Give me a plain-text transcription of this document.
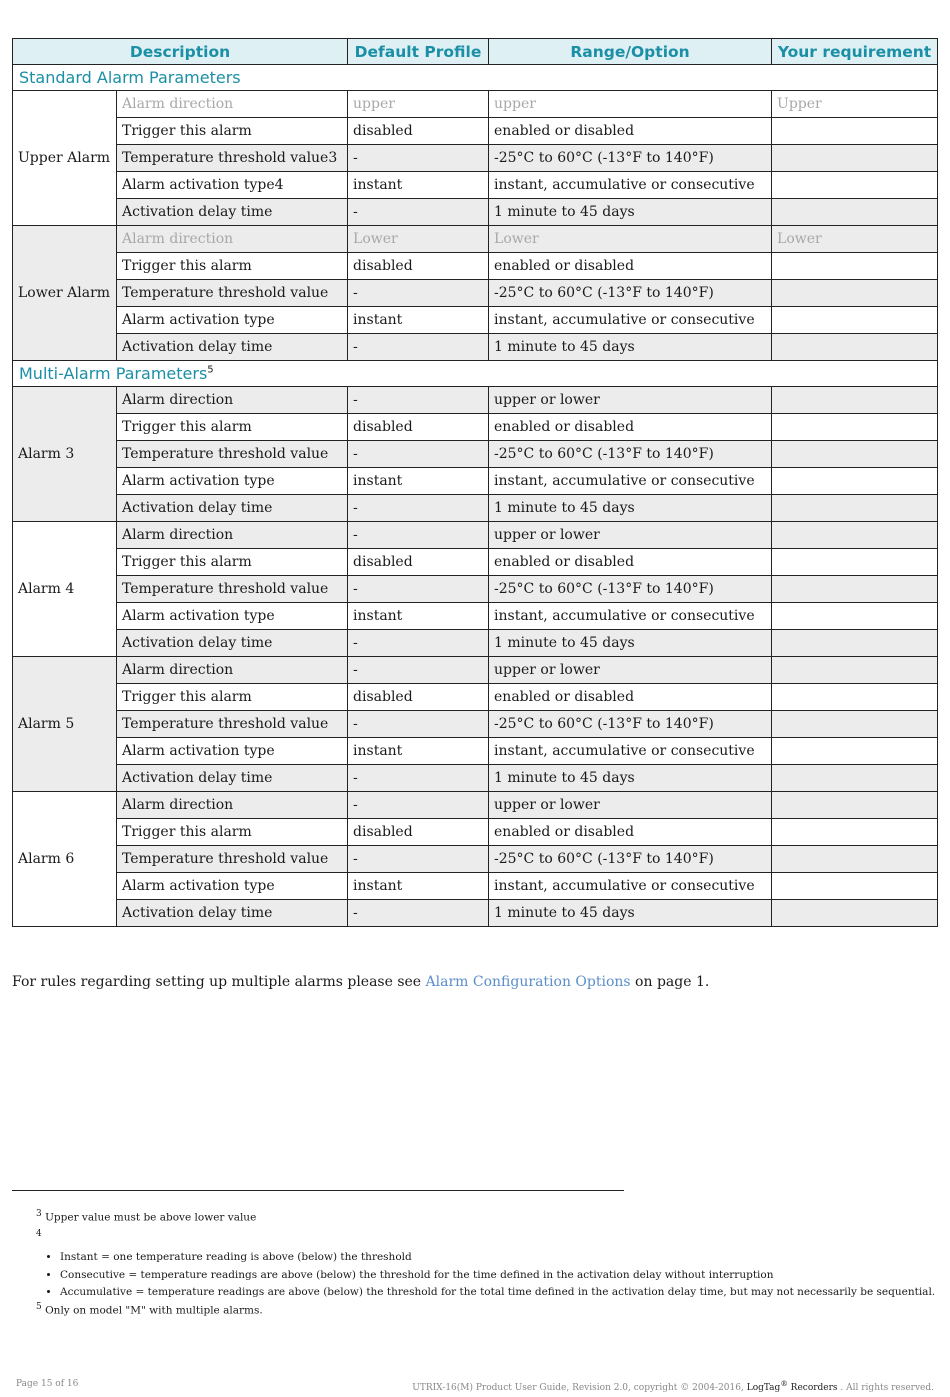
Description		Default Profile	Range/Option	Your requirement
Standard Alarm Parameters				
Upper Alarm	Alarm direction	upper	upper	Upper
	Trigger this alarm	disabled	enabled or disabled	
	Temperature threshold value3	-	-25°C to 60°C (-13°F to 140°F)	
	Alarm activation type4	instant	instant, accumulative or consecutive	
	Activation delay time	-	1 minute to 45 days	
Lower Alarm	Alarm direction	Lower	Lower	Lower
	Trigger this alarm	disabled	enabled or disabled	
	Temperature threshold value	-	-25°C to 60°C (-13°F to 140°F)	
	Alarm activation type	instant	instant, accumulative or consecutive	
	Activation delay time	-	1 minute to 45 days	
Multi-Alarm Parameters$^5$
Alarm 3	Alarm direction	-	upper or lower	
	Trigger this alarm	disabled	enabled or disabled	
	Temperature threshold value	-	-25°C to 60°C (-13°F to 140°F)	
	Alarm activation type	instant	instant, accumulative or consecutive	
	Activation delay time	-	1 minute to 45 days	
Alarm 4	Alarm direction	-	upper or lower	
	Trigger this alarm	disabled	enabled or disabled	
	Temperature threshold value	-	-25°C to 60°C (-13°F to 140°F)	
	Alarm activation type	instant	instant, accumulative or consecutive	
	Activation delay time	-	1 minute to 45 days	
Alarm 5	Alarm direction	-	upper or lower	
	Trigger this alarm	disabled	enabled or disabled	
	Temperature threshold value	-	-25°C to 60°C (-13°F to 140°F)	
	Alarm activation type	instant	instant, accumulative or consecutive	
	Activation delay time	-	1 minute to 45 days	
Alarm 6	Alarm direction	-	upper or lower	
	Trigger this alarm	disabled	enabled or disabled	
	Temperature threshold value	-	-25°C to 60°C (-13°F to 140°F)	
	Alarm activation type	instant	instant, accumulative or consecutive	
	Activation delay time	-	1 minute to 45 days	
For rules regarding setting up multiple alarms please see Alarm Configuration Options on page 1.
$^3$ Upper value must be above lower value
$^4$
• Instant = one temperature reading is above (below) the threshold
• Consecutive = temperature readings are above (below) the threshold for the time defined in the activation delay without interruption
• Accumulative = temperature readings are above (below) the threshold for the total time defined in the activation delay time, but may not necessarily be sequential.
$^5$ Only on model "M" with multiple alarms.
Page 15 of 16	UTRIX-16(M) Product User Guide, Revision 2.0, copyright © 2004-2016, LogTag® Recorders . All rights reserved.
